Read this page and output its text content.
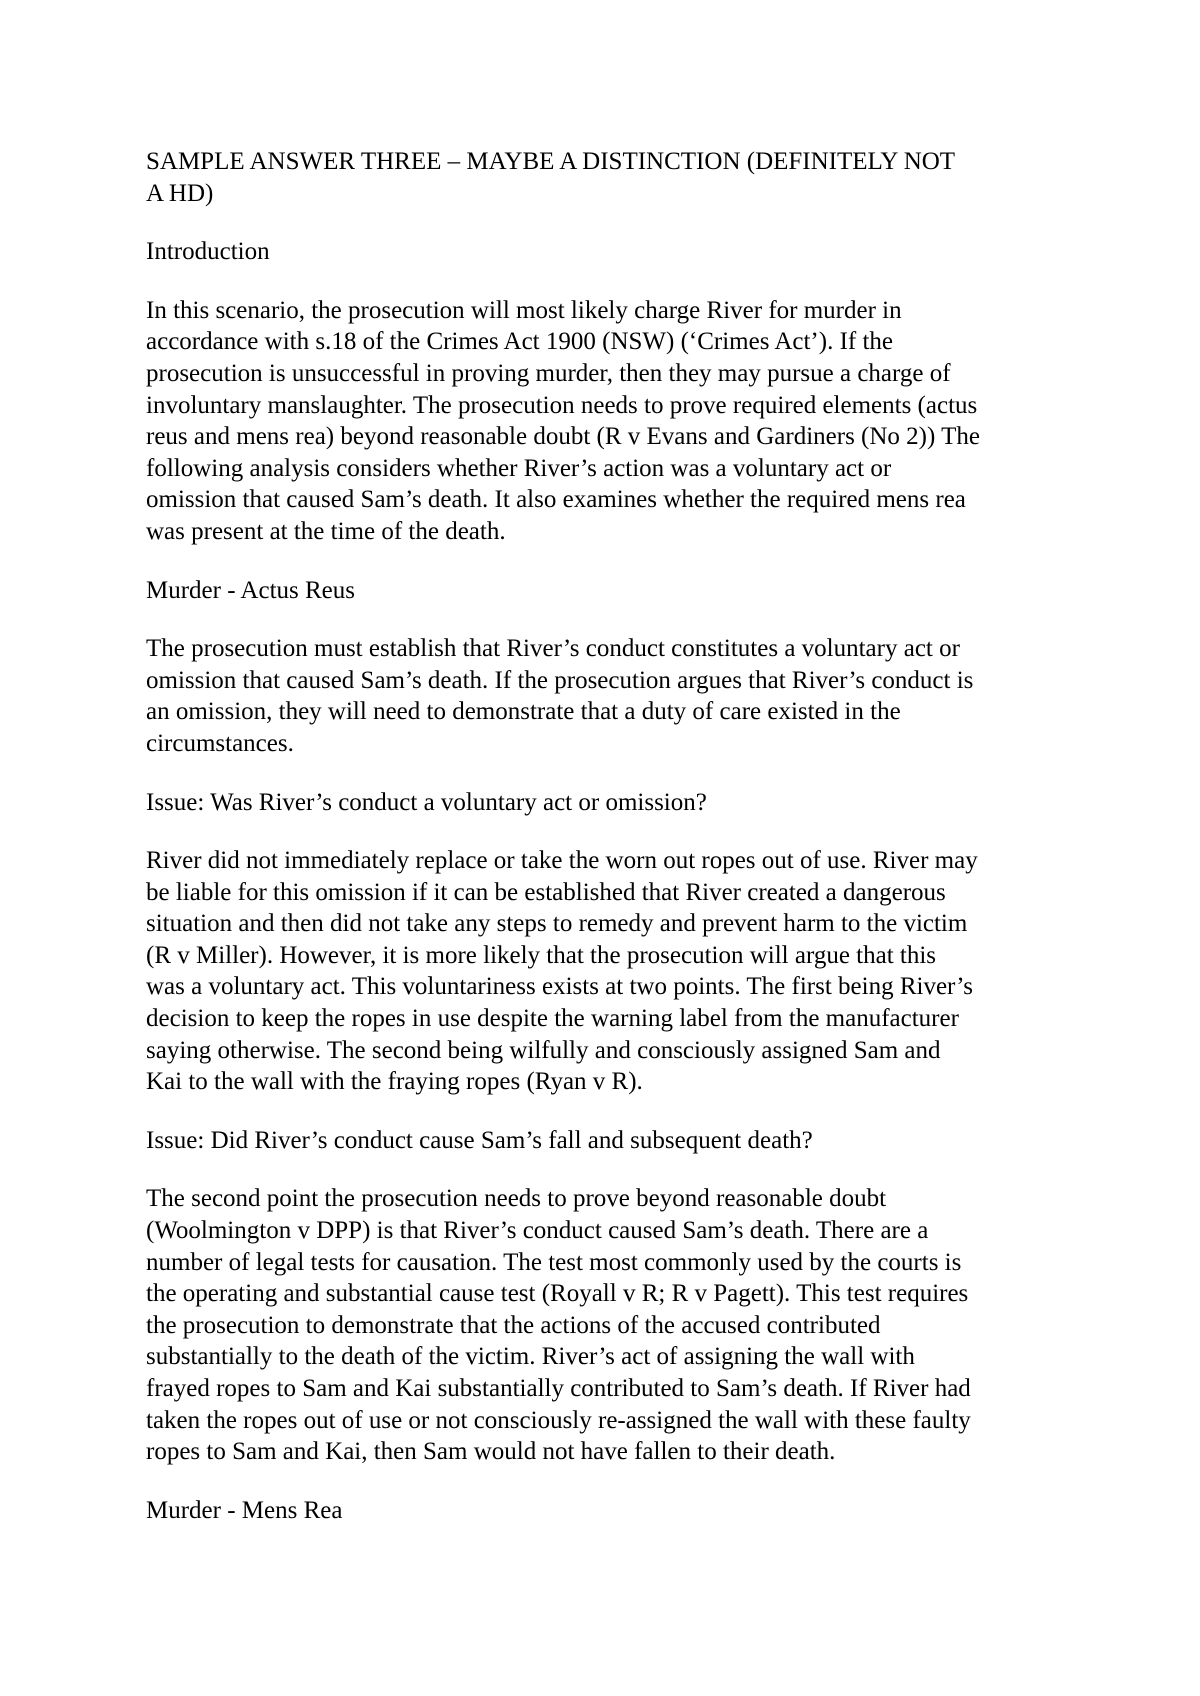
SAMPLE ANSWER THREE – MAYBE A DISTINCTION (DEFINITELY NOT
A HD)
Introduction
In this scenario, the prosecution will most likely charge River for murder in
accordance with s.18 of the Crimes Act 1900 (NSW) (‘Crimes Act’). If the
prosecution is unsuccessful in proving murder, then they may pursue a charge of
involuntary manslaughter. The prosecution needs to prove required elements (actus
reus and mens rea) beyond reasonable doubt (R v Evans and Gardiners (No 2)) The
following analysis considers whether River’s action was a voluntary act or
omission that caused Sam’s death. It also examines whether the required mens rea
was present at the time of the death.
Murder - Actus Reus
The prosecution must establish that River’s conduct constitutes a voluntary act or
omission that caused Sam’s death. If the prosecution argues that River’s conduct is
an omission, they will need to demonstrate that a duty of care existed in the
circumstances.
Issue: Was River’s conduct a voluntary act or omission?
River did not immediately replace or take the worn out ropes out of use. River may
be liable for this omission if it can be established that River created a dangerous
situation and then did not take any steps to remedy and prevent harm to the victim
(R v Miller). However, it is more likely that the prosecution will argue that this
was a voluntary act. This voluntariness exists at two points. The first being River’s
decision to keep the ropes in use despite the warning label from the manufacturer
saying otherwise. The second being wilfully and consciously assigned Sam and
Kai to the wall with the fraying ropes (Ryan v R).
Issue: Did River’s conduct cause Sam’s fall and subsequent death?
The second point the prosecution needs to prove beyond reasonable doubt
(Woolmington v DPP) is that River’s conduct caused Sam’s death. There are a
number of legal tests for causation. The test most commonly used by the courts is
the operating and substantial cause test (Royall v R; R v Pagett). This test requires
the prosecution to demonstrate that the actions of the accused contributed
substantially to the death of the victim. River’s act of assigning the wall with
frayed ropes to Sam and Kai substantially contributed to Sam’s death. If River had
taken the ropes out of use or not consciously re-assigned the wall with these faulty
ropes to Sam and Kai, then Sam would not have fallen to their death.
Murder - Mens Rea
